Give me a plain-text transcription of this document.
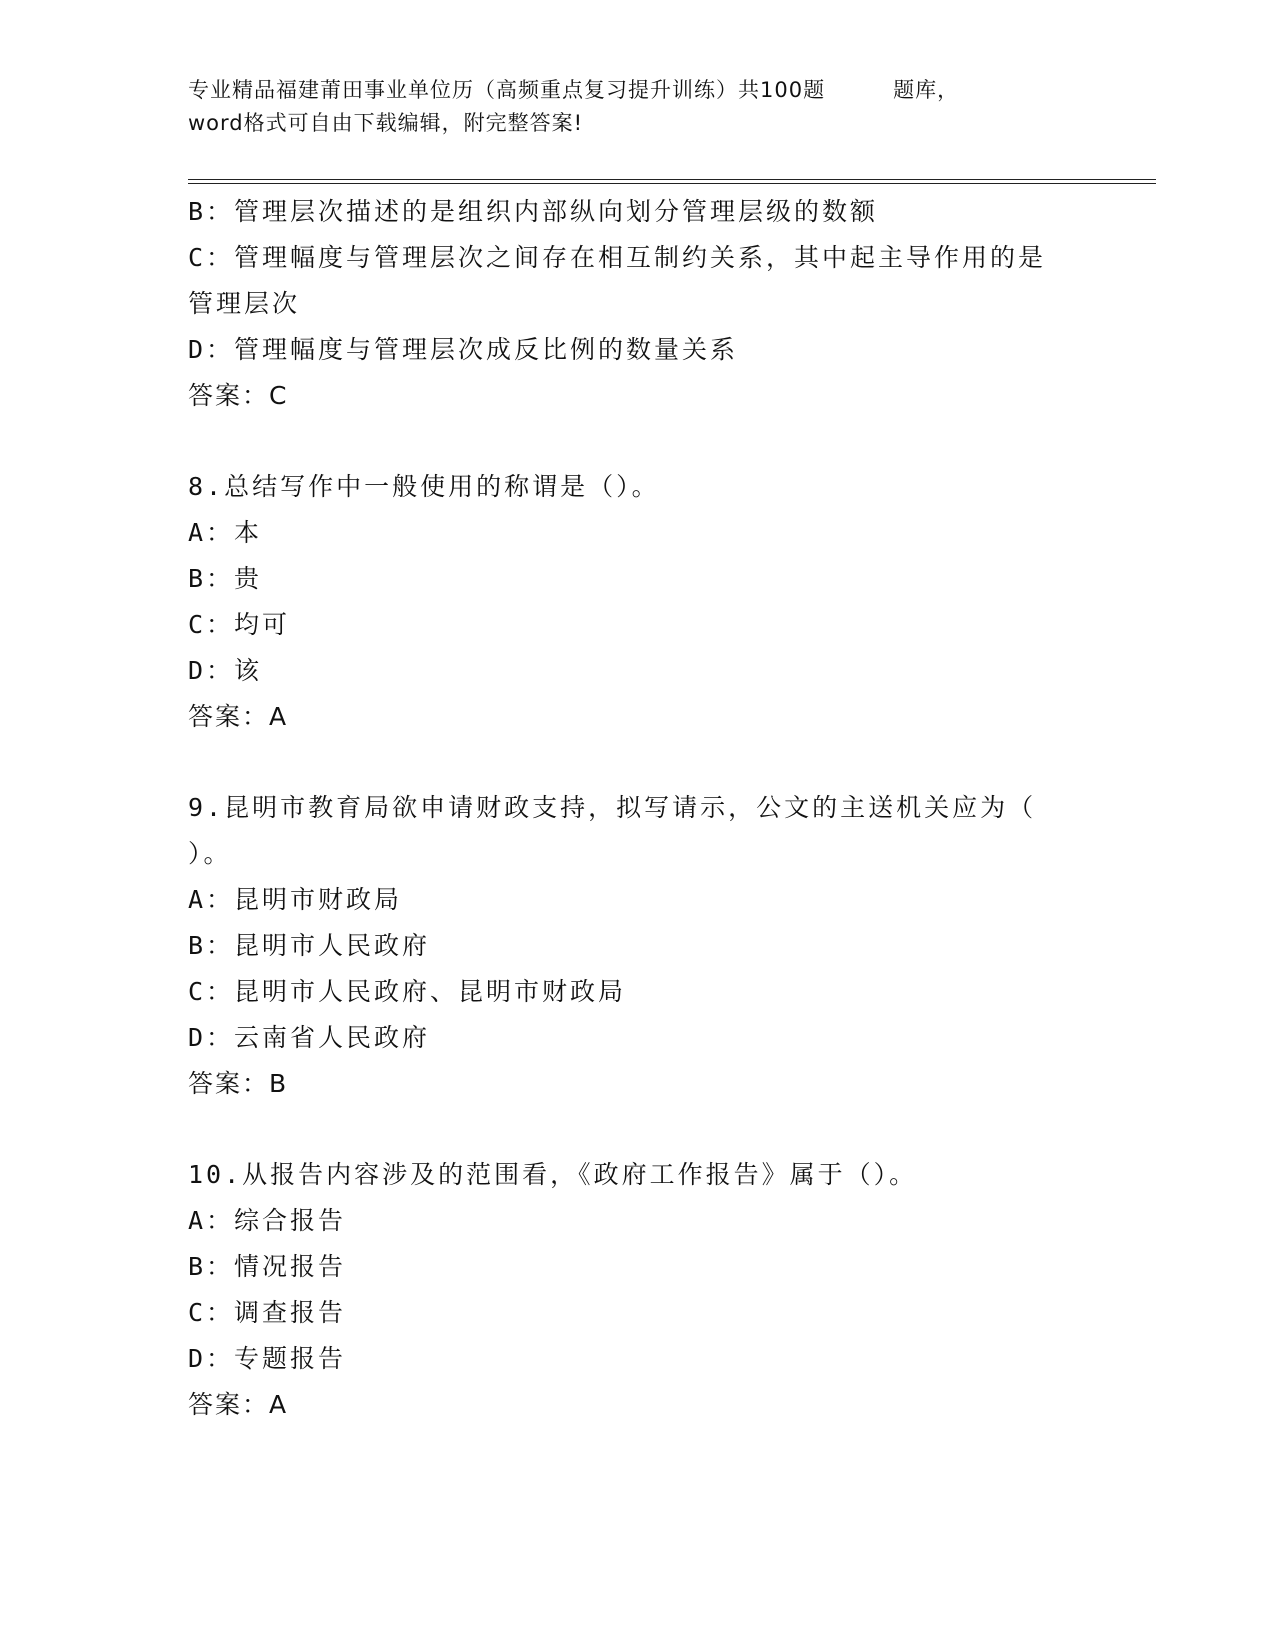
专业精品福建莆田事业单位历（高频重点复习提升训练）共100题	题库，
word格式可自由下载编辑，附完整答案!
B：管理层次描述的是组织内部纵向划分管理层级的数额
C：管理幅度与管理层次之间存在相互制约关系，其中起主导作用的是
管理层次
D：管理幅度与管理层次成反比例的数量关系
答案：C
8.总结写作中一般使用的称谓是（）。
A：本
B：贵
C：均可
D：该
答案：A
9.昆明市教育局欲申请财政支持，拟写请示，公文的主送机关应为（
）。
A：昆明市财政局
B：昆明市人民政府
C：昆明市人民政府、昆明市财政局
D：云南省人民政府
答案：B
10.从报告内容涉及的范围看，《政府工作报告》属于（）。
A：综合报告
B：情况报告
C：调查报告
D：专题报告
答案：A
